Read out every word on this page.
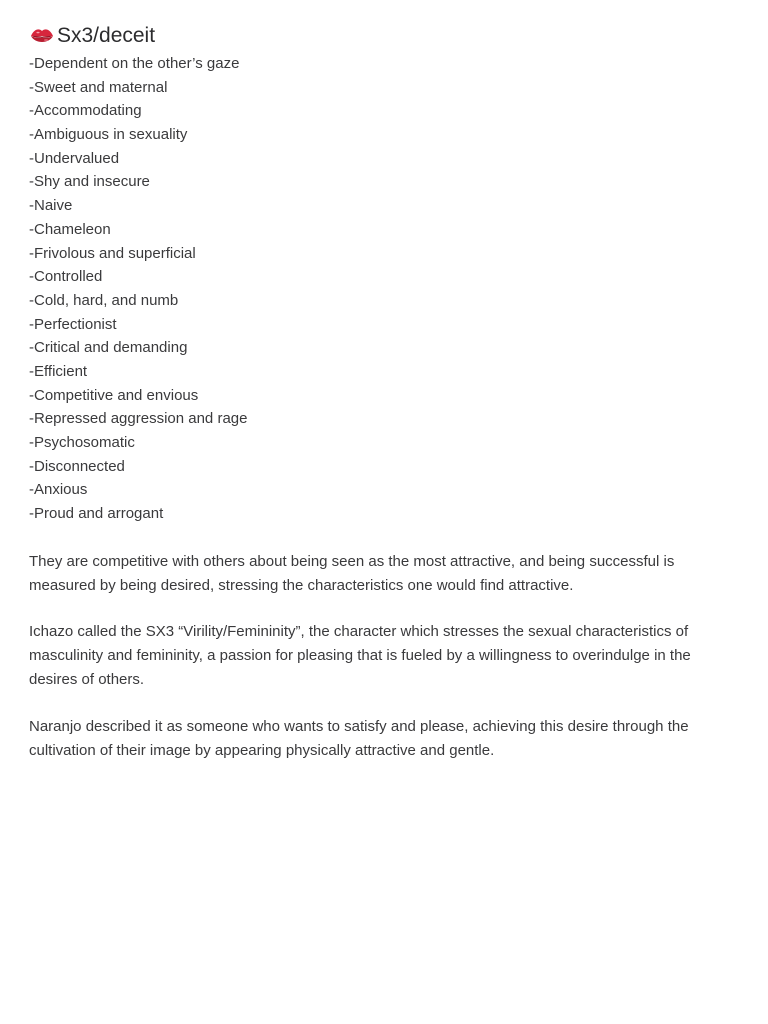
Sx3/deceit
-Dependent on the other’s gaze
-Sweet and maternal
-Accommodating
-Ambiguous in sexuality
-Undervalued
-Shy and insecure
-Naive
-Chameleon
-Frivolous and superficial
-Controlled
-Cold, hard, and numb
-Perfectionist
-Critical and demanding
-Efficient
-Competitive and envious
-Repressed aggression and rage
-Psychosomatic
-Disconnected
-Anxious
-Proud and arrogant

They are competitive with others about being seen as the most attractive, and being successful is measured by being desired, stressing the characteristics one would find attractive.

Ichazo called the SX3 “Virility/Femininity”, the character which stresses the sexual characteristics of masculinity and femininity, a passion for pleasing that is fueled by a willingness to overindulge in the desires of others.

Naranjo described it as someone who wants to satisfy and please, achieving this desire through the cultivation of their image by appearing physically attractive and gentle.
